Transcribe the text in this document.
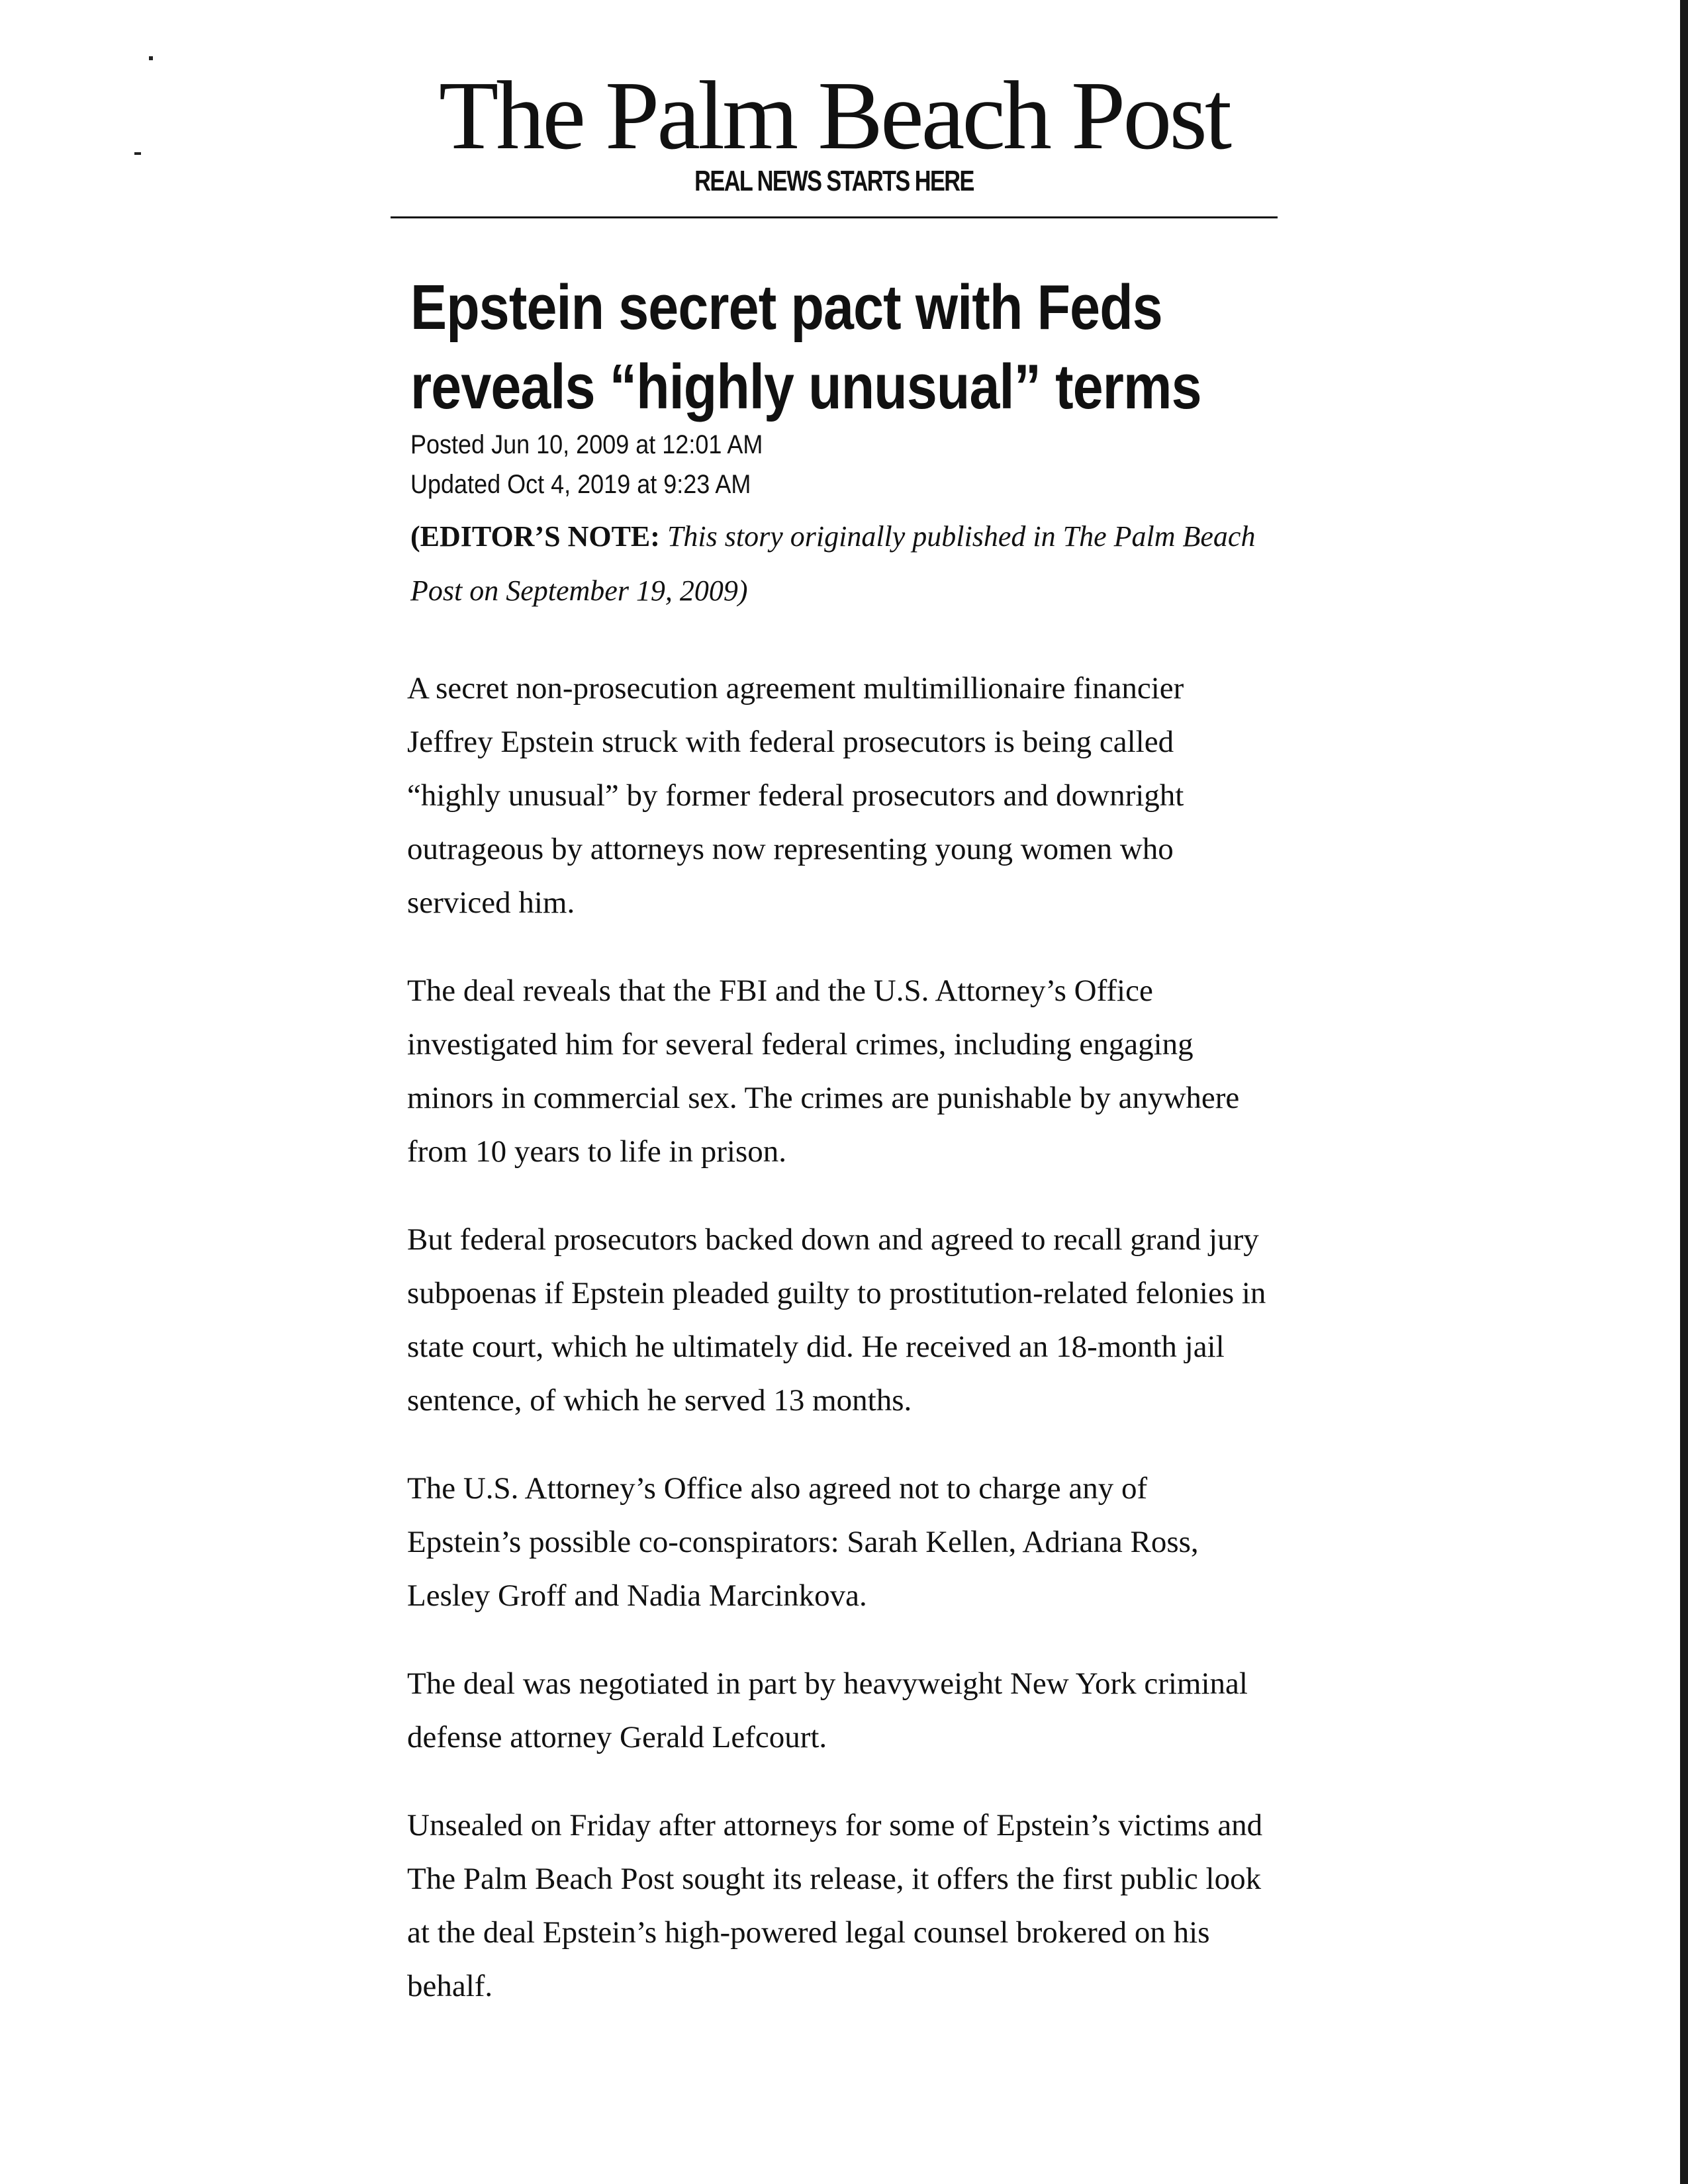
The Palm Beach Post
REAL NEWS STARTS HERE
Epstein secret pact with Feds
reveals “highly unusual” terms
Posted Jun 10, 2009 at 12:01 AM
Updated Oct 4, 2019 at 9:23 AM
(EDITOR’S NOTE: This story originally published in The Palm Beach Post on September 19, 2009)

A secret non-prosecution agreement multimillionaire financier Jeffrey Epstein struck with federal prosecutors is being called “highly unusual” by former federal prosecutors and downright outrageous by attorneys now representing young women who serviced him.

The deal reveals that the FBI and the U.S. Attorney’s Office investigated him for several federal crimes, including engaging minors in commercial sex. The crimes are punishable by anywhere from 10 years to life in prison.

But federal prosecutors backed down and agreed to recall grand jury subpoenas if Epstein pleaded guilty to prostitution-related felonies in state court, which he ultimately did. He received an 18-month jail sentence, of which he served 13 months.

The U.S. Attorney’s Office also agreed not to charge any of Epstein’s possible co-conspirators: Sarah Kellen, Adriana Ross, Lesley Groff and Nadia Marcinkova.

The deal was negotiated in part by heavyweight New York criminal defense attorney Gerald Lefcourt.

Unsealed on Friday after attorneys for some of Epstein’s victims and The Palm Beach Post sought its release, it offers the first public look at the deal Epstein’s high-powered legal counsel brokered on his behalf.
